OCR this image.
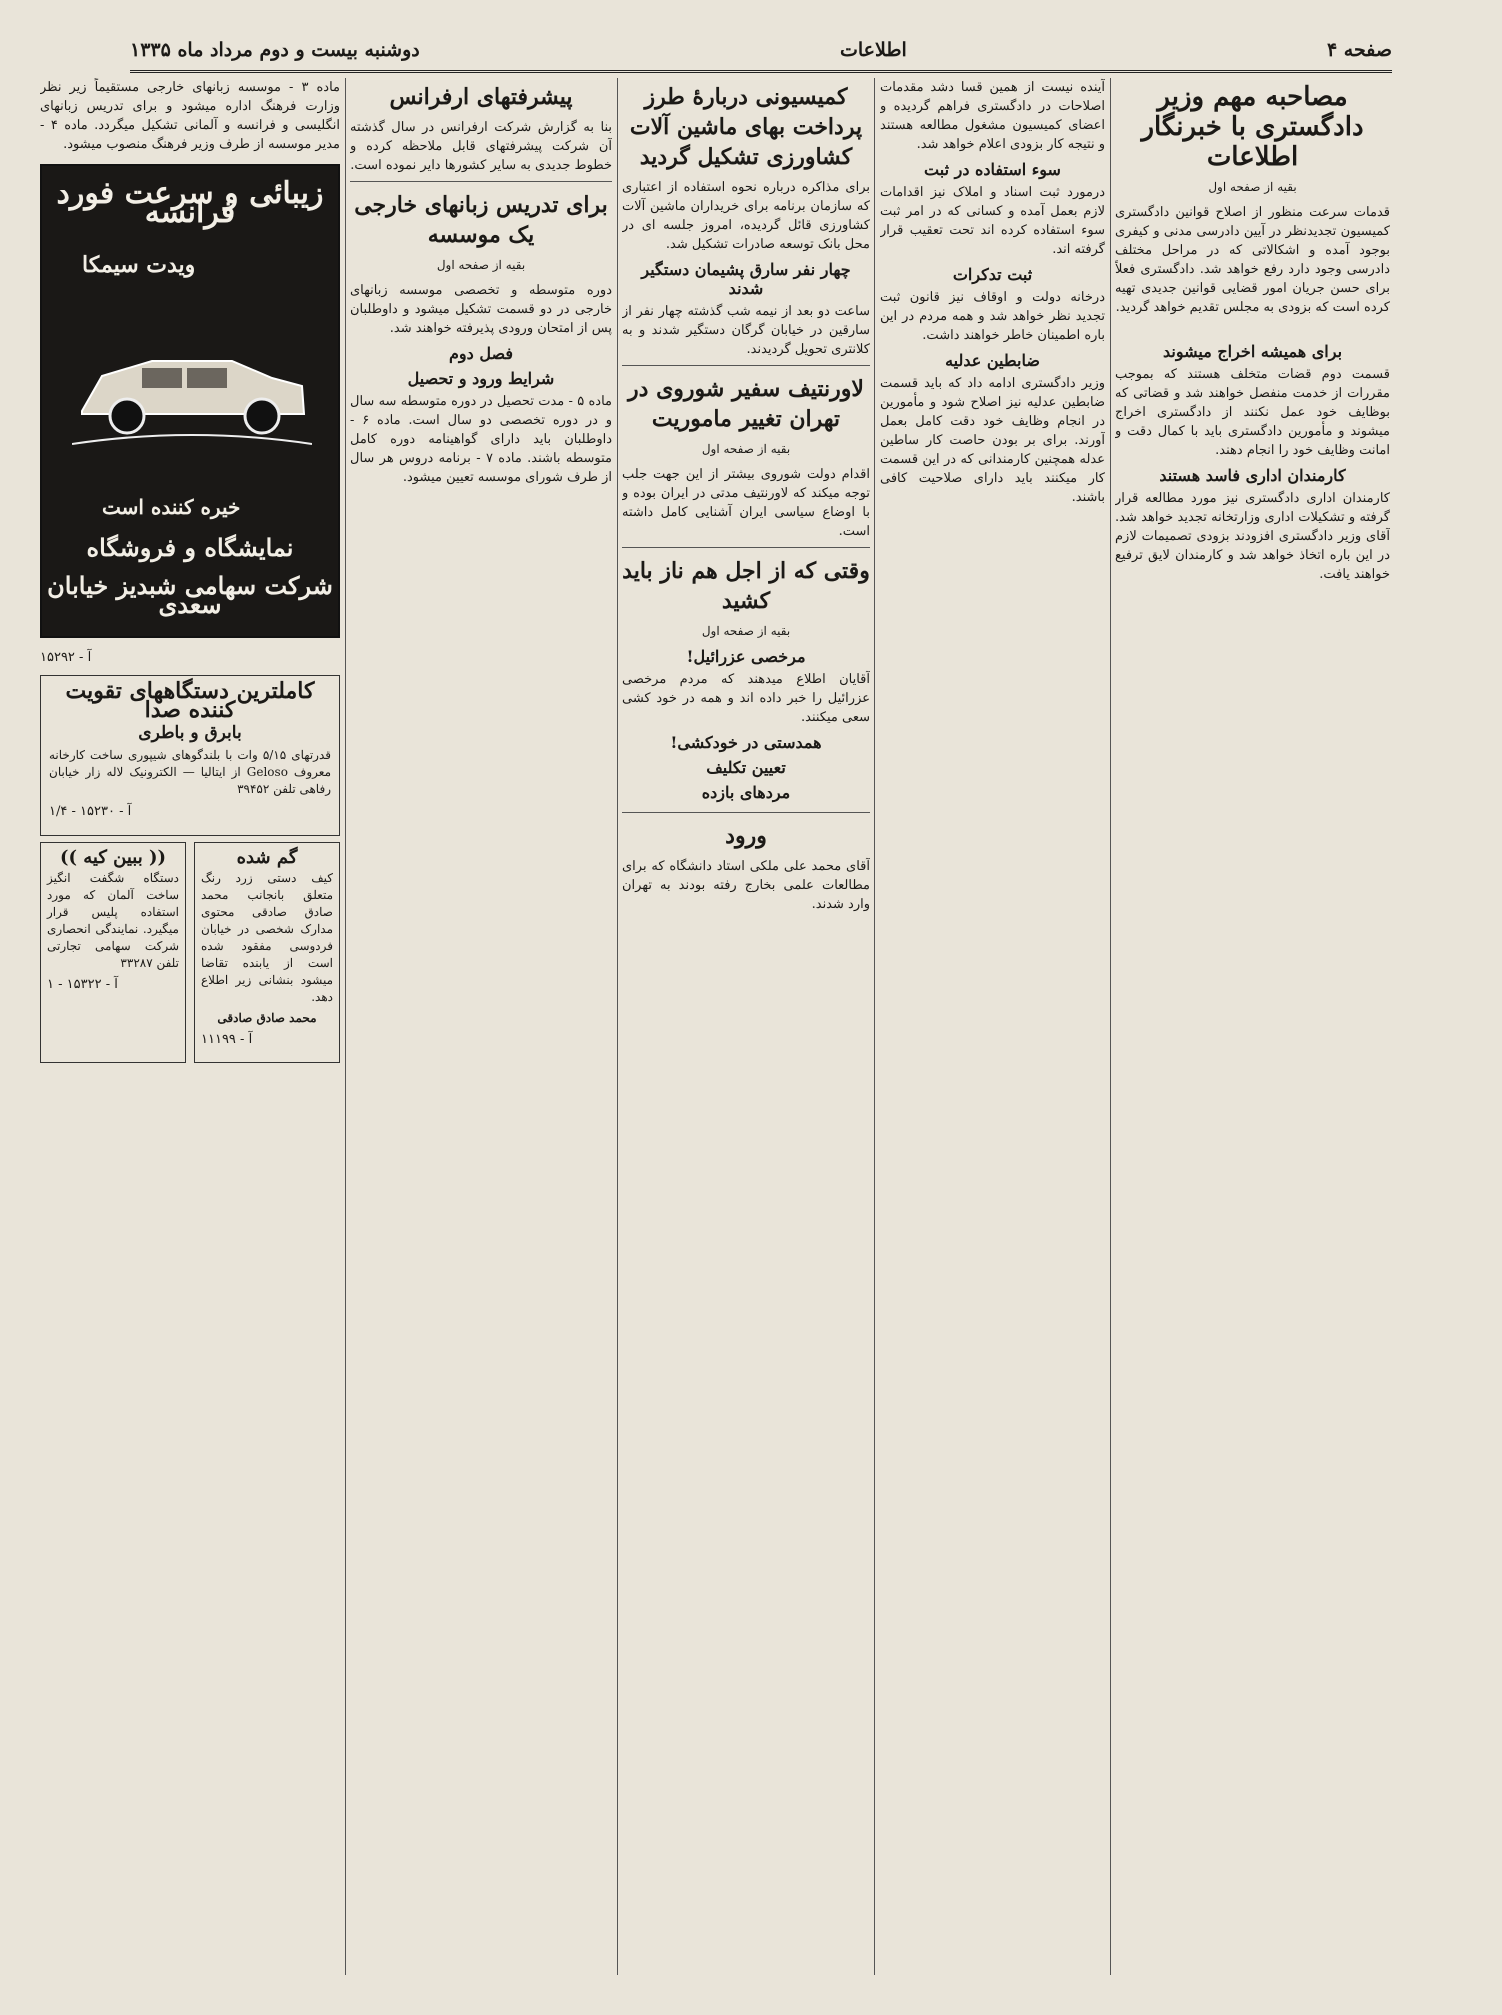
صفحه ۴
اطلاعات
دوشنبه بیست و دوم مرداد ماه ۱۳۳۵
مصاحبه مهم وزیر دادگستری با خبرنگار اطلاعات
بقیه از صفحه اول

قدمات سرعت منظور از اصلاح قوانین دادگستری کمیسیون تجدیدنظر در آیین دادرسی مدنی و کیفری بوجود آمده و اشکالاتی که در مراحل مختلف دادرسی وجود دارد رفع خواهد شد. دادگستری فعلاً برای حسن جریان امور قضایی قوانین جدیدی تهیه کرده است که بزودی به مجلس تقدیم خواهد گردید.

برای همیشه اخراج میشوند

قسمت دوم قضات متخلف هستند که بموجب مقررات از خدمت منفصل خواهند شد و قضاتی که بوظایف خود عمل نکنند از دادگستری اخراج میشوند و مأمورین دادگستری باید با کمال دقت و امانت وظایف خود را انجام دهند.

کارمندان اداری فاسد هستند

کارمندان اداری دادگستری نیز مورد مطالعه قرار گرفته و تشکیلات اداری وزارتخانه تجدید خواهد شد. آقای وزیر دادگستری افزودند بزودی تصمیمات لازم در این باره اتخاذ خواهد شد و کارمندان لایق ترفیع خواهند یافت.

آینده نیست از همین قسا دشد مقدمات اصلاحات در دادگستری فراهم گردیده و اعضای کمیسیون مشغول مطالعه هستند و نتیجه کار بزودی اعلام خواهد شد.

سوء استفاده در ثبت

درمورد ثبت اسناد و املاک نیز اقدامات لازم بعمل آمده و کسانی که در امر ثبت سوء استفاده کرده اند تحت تعقیب قرار گرفته اند.

ثبت تدکرات

درخانه دولت و اوقاف نیز قانون ثبت تجدید نظر خواهد شد و همه مردم در این باره اطمینان خاطر خواهند داشت.

ضابطین عدلیه

وزیر دادگستری ادامه داد که باید قسمت ضابطین عدلیه نیز اصلاح شود و مأمورین در انجام وظایف خود دقت کامل بعمل آورند. برای بر بودن حاصت کار ساطین عدله همچنین کارمندانی که در این قسمت کار میکنند باید دارای صلاحیت کافی باشند.

کمیسیونی دربارهٔ طرز پرداخت بهای ماشین آلات کشاورزی تشکیل گردید

برای مذاکره درباره نحوه استفاده از اعتباری که سازمان برنامه برای خریداران ماشین آلات کشاورزی قائل گردیده، امروز جلسه ای در محل بانک توسعه صادرات تشکیل شد.

چهار نفر سارق پشیمان دستگیر شدند

ساعت دو بعد از نیمه شب گذشته چهار نفر از سارقین در خیابان گرگان دستگیر شدند و به کلانتری تحویل گردیدند.

لاورنتیف سفیر شوروی در تهران تغییر ماموریت
بقیه از صفحه اول

اقدام دولت شوروی بیشتر از این جهت جلب توجه میکند که لاورنتیف مدتی در ایران بوده و با اوضاع سیاسی ایران آشنایی کامل داشته است.

وقتی که از اجل هم ناز باید کشید
بقیه از صفحه اول
مرخصی عزرائیل!

آقایان اطلاع میدهند که مردم مرخصی عزرائیل را خبر داده اند و همه در خود کشی سعی میکنند.

همدستی در خودکشی!
تعیین تکلیف
مردهای بازده
ورود

آقای محمد علی ملکی استاد دانشگاه که برای مطالعات علمی بخارج رفته بودند به تهران وارد شدند.

پیشرفتهای ارفرانس

بنا به گزارش شرکت ارفرانس در سال گذشته آن شرکت پیشرفتهای قابل ملاحظه کرده و خطوط جدیدی به سایر کشورها دایر نموده است.

برای تدریس زبانهای خارجی یک موسسه
بقیه از صفحه اول

دوره متوسطه و تخصصی موسسه زبانهای خارجی در دو قسمت تشکیل میشود و داوطلبان پس از امتحان ورودی پذیرفته خواهند شد.

فصل دوم
شرایط ورود و تحصیل

ماده ۵ - مدت تحصیل در دوره متوسطه سه سال و در دوره تخصصی دو سال است. ماده ۶ - داوطلبان باید دارای گواهینامه دوره کامل متوسطه باشند. ماده ۷ - برنامه دروس هر سال از طرف شورای موسسه تعیین میشود.

ماده ۳ - موسسه زبانهای خارجی مستقیماً زیر نظر وزارت فرهنگ اداره میشود و برای تدریس زبانهای انگلیسی و فرانسه و آلمانی تشکیل میگردد. ماده ۴ - مدیر موسسه از طرف وزیر فرهنگ منصوب میشود.

زیبائی و سرعت فورد فرانسه
ویدت سیمکا
خیره کننده است
نمایشگاه و فروشگاه
شرکت سهامی شبدیز خیابان سعدی
آ - ۱۵۲۹۲
کاملترین دستگاههای تقویت کننده صدا
بابرق و باطری

قدرتهای ۵/۱۵ وات با بلندگوهای شیپوری ساخت کارخانه معروف Geloso از ایتالیا — الکترونیک لاله زار خیابان رفاهی تلفن ۳۹۴۵۲

آ - ۱۵۲۳۰ - ۱/۴
گم شده
کیف دستی زرد رنگ متعلق بانجانب محمد صادق صادقی محتوی مدارک شخصی در خیابان فردوسی مفقود شده است از یابنده تقاضا میشود بنشانی زیر اطلاع دهد.
محمد صادق صادقی
آ - ۱۱۱۹۹
(( ببین کیه ))
دستگاه شگفت انگیز ساخت آلمان که مورد استفاده پلیس قرار میگیرد. نمایندگی انحصاری شرکت سهامی تجارتی تلفن ۳۳۲۸۷
آ - ۱۵۳۲۲ - ۱
